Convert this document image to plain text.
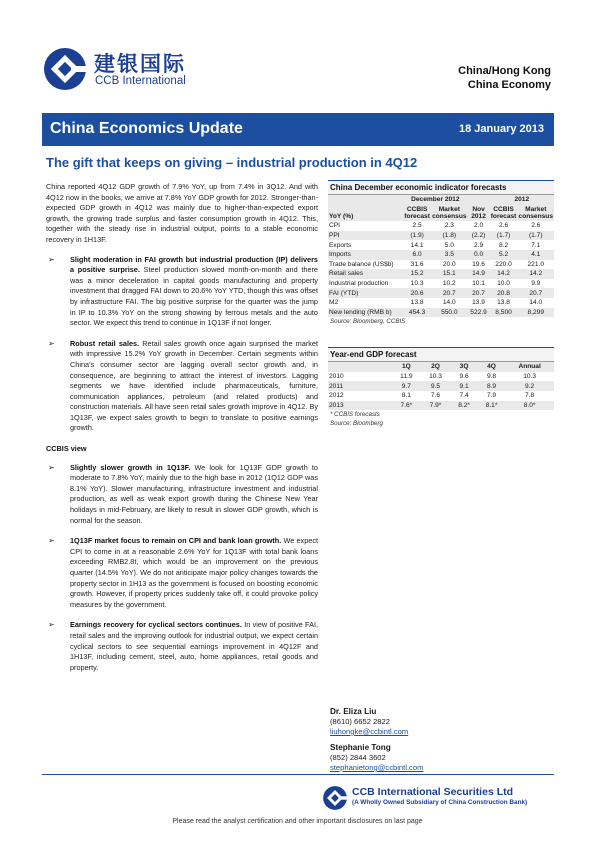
建银国际
CCB International
China/Hong Kong
China Economy
China Economics Update	18 January 2013
The gift that keeps on giving – industrial production in 4Q12

China reported 4Q12 GDP growth of 7.9% YoY, up from 7.4% in 3Q12. And with 4Q12 now in the books, we arrive at 7.8% YoY GDP growth for 2012. Stronger-than-expected GDP growth in 4Q12 was mainly due to higher-than-expected export growth, the growing trade surplus and faster consumption growth in 4Q12. This, together with the steady rise in industrial output, points to a stable economic recovery in 1H13F.

➢	Slight moderation in FAI growth but industrial production (IP) delivers a positive surprise. Steel production slowed month-on-month and there was a minor deceleration in capital goods manufacturing and property investment that dragged FAI down to 20.6% YoY YTD, though this was offset by infrastructure FAI. The big positive surprise for the quarter was the jump in IP to 10.3% YoY on the strong showing by ferrous metals and the auto sector. We expect this trend to continue in 1Q13F if not longer.
➢	Robust retail sales. Retail sales growth once again surprised the market with impressive 15.2% YoY growth in December. Certain segments within China's consumer sector are lagging overall sector growth and, in consequence, are beginning to attract the interest of investors. Lagging segments we have identified include pharmaceuticals, furniture, communication appliances, petroleum (and related products) and construction materials. All have seen retail sales growth improve in 4Q12. By 1Q13F, we expect sales growth to begin to translate to positive earnings growth.
CCBIS view
➢	Slightly slower growth in 1Q13F. We look for 1Q13F GDP growth to moderate to 7.8% YoY, mainly due to the high base in 2012 (1Q12 GDP was 8.1% YoY). Slower manufacturing, infrastructure investment and industrial production, as well as weak export growth during the Chinese New Year holidays in mid-February, are likely to result in slower GDP growth, which is normal for the season.
➢	1Q13F market focus to remain on CPI and bank loan growth. We expect CPI to come in at a reasonable 2.6% YoY for 1Q13F with total bank loans exceeding RMB2.8t, which would be an improvement on the previous quarter (14.5% YoY). We do not anticipate major policy changes towards the property sector in 1H13 as the government is focused on boosting economic growth. However, if property prices suddenly take off, it could provoke policy measures by the government.
➢	Earnings recovery for cyclical sectors continues. In view of positive FAI, retail sales and the improving outlook for industrial output, we expect certain cyclical sectors to see sequential earnings improvement in 4Q12F and 1H13F, including cement, steel, auto, home appliances, retail goods and property.
China December economic indicator forecasts
	December 2012			2012	
YoY (%)	CCBIS forecast	Market consensus	Nov 2012	CCBIS forecast	Market consensus
CPI	2.5	2.3	2.0	2.6	2.6
PPI	(1.9)	(1.8)	(2.2)	(1.7)	(1.7)
Exports	14.1	5.0	2.9	8.2	7.1
Imports	6.0	3.5	0.0	5.2	4.1
Trade balance (US$b)	31.6	20.0	19.6	220.0	221.0
Retail sales	15.2	15.1	14.9	14.2	14.2
Industrial production	10.3	10.2	10.1	10.0	9.9
FAI (YTD)	20.6	20.7	20.7	20.8	20.7
M2	13.8	14.0	13.9	13.8	14.0
New lending (RMB b)	454.3	550.0	522.9	8,500	8,299
Source: Bloomberg, CCBIS
Year-end GDP forecast
	1Q	2Q	3Q	4Q	Annual
2010	11.9	10.3	9.6	9.8	10.3
2011	9.7	9.5	9.1	8.9	9.2
2012	8.1	7.6	7.4	7.9	7.8
2013	7.6*	7.9*	8.2*	8.1*	8.0*
* CCBIS forecasts
Source: Bloomberg
Dr. Eliza Liu
(8610) 6652 2822
liuhongke@ccbintl.com
Stephanie Tong
(852) 2844 3602
stephanietong@ccbintl.com
CCB International Securities Ltd
(A Wholly Owned Subsidiary of China Construction Bank)
Please read the analyst certification and other important disclosures on last page
